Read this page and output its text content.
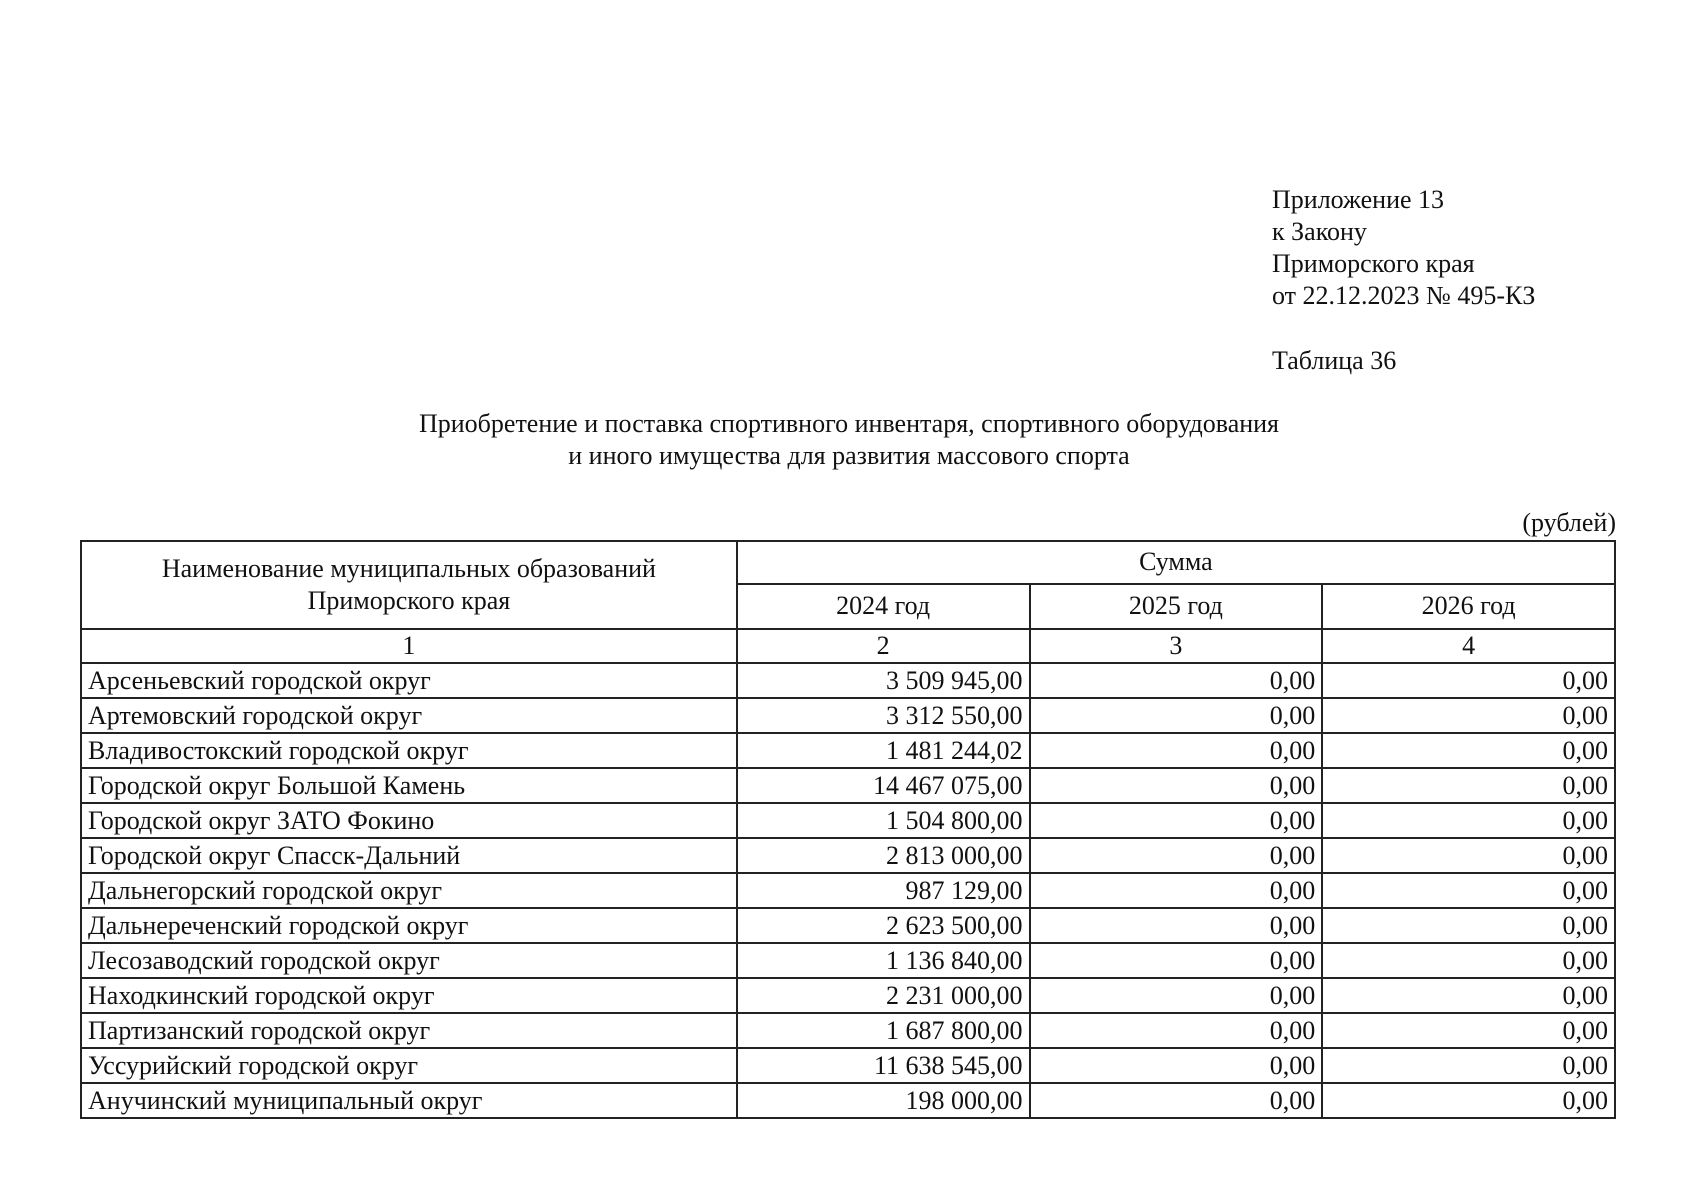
Приложение 13
к Закону
Приморского края
от 22.12.2023 № 495-КЗ
Таблица 36
Приобретение и поставка спортивного инвентаря, спортивного оборудования
и иного имущества для развития массового спорта
(рублей)
Наименование муниципальных образований
Приморского края	Сумма		
	2024 год	2025 год	2026 год
1	2	3	4
Арсеньевский городской округ	3 509 945,00	0,00	0,00
Артемовский городской округ	3 312 550,00	0,00	0,00
Владивостокский городской округ	1 481 244,02	0,00	0,00
Городской округ Большой Камень	14 467 075,00	0,00	0,00
Городской округ ЗАТО Фокино	1 504 800,00	0,00	0,00
Городской округ Спасск-Дальний	2 813 000,00	0,00	0,00
Дальнегорский городской округ	987 129,00	0,00	0,00
Дальнереченский городской округ	2 623 500,00	0,00	0,00
Лесозаводский городской округ	1 136 840,00	0,00	0,00
Находкинский городской округ	2 231 000,00	0,00	0,00
Партизанский городской округ	1 687 800,00	0,00	0,00
Уссурийский городской округ	11 638 545,00	0,00	0,00
Анучинский муниципальный округ	198 000,00	0,00	0,00
